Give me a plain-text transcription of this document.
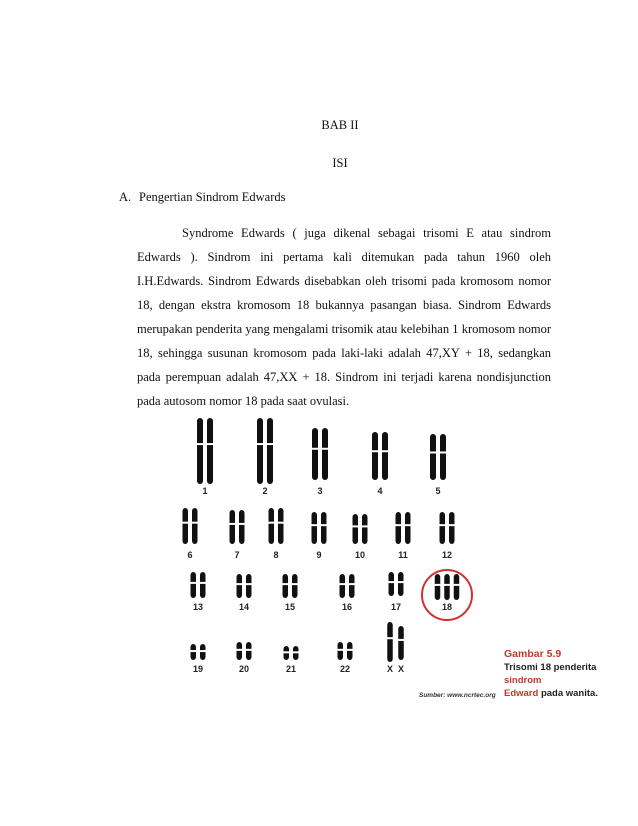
BAB II
ISI
A. Pengertian Sindrom Edwards

Syndrome Edwards ( juga dikenal sebagai trisomi E atau sindrom Edwards ). Sindrom ini pertama kali ditemukan pada tahun 1960 oleh I.H.Edwards. Sindrom Edwards disebabkan oleh trisomi pada kromosom nomor 18, dengan ekstra kromosom 18 bukannya pasangan biasa. Sindrom Edwards merupakan penderita yang mengalami trisomik atau kelebihan 1 kromosom nomor 18, sehingga susunan kromosom pada laki-laki adalah 47,XY + 18, sedangkan pada perempuan adalah 47,XX + 18. Sindrom ini terjadi karena nondisjunction pada autosom nomor 18 pada saat ovulasi.

1	2	3	4	5
6	7	8	9	10	11	12
13	14	15	16	17	18
19	20	21	22	X X
Gambar 5.9
Trisomi 18 penderita sindrom
Edward pada wanita.
Sumber: www.ncrtec.org
